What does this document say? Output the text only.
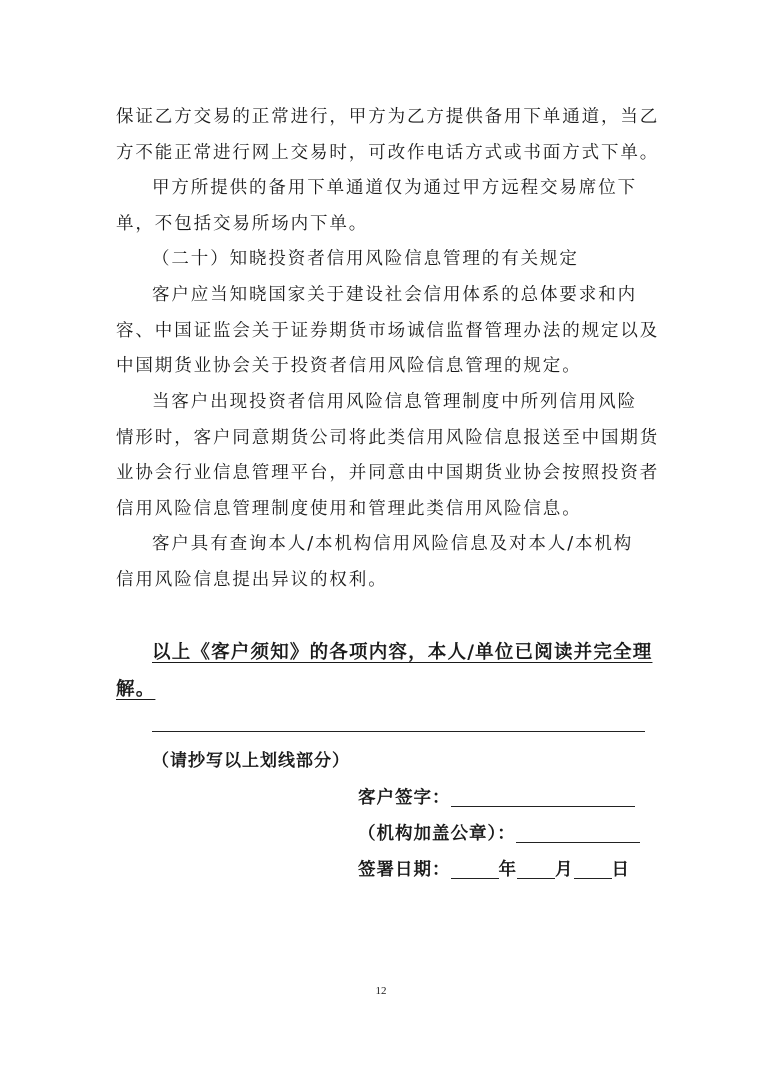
保证乙方交易的正常进行，甲方为乙方提供备用下单通道，当乙
方不能正常进行网上交易时，可改作电话方式或书面方式下单。
甲方所提供的备用下单通道仅为通过甲方远程交易席位下
单，不包括交易所场内下单。
（二十）知晓投资者信用风险信息管理的有关规定
客户应当知晓国家关于建设社会信用体系的总体要求和内
容、中国证监会关于证券期货市场诚信监督管理办法的规定以及
中国期货业协会关于投资者信用风险信息管理的规定。
当客户出现投资者信用风险信息管理制度中所列信用风险
情形时，客户同意期货公司将此类信用风险信息报送至中国期货
业协会行业信息管理平台，并同意由中国期货业协会按照投资者
信用风险信息管理制度使用和管理此类信用风险信息。
客户具有查询本人/本机构信用风险信息及对本人/本机构
信用风险信息提出异议的权利。
以上《客户须知》的各项内容，本人/单位已阅读并完全理
解。
（请抄写以上划线部分）
客户签字：
（机构加盖公章）：
签署日期：	年 月 日
12
